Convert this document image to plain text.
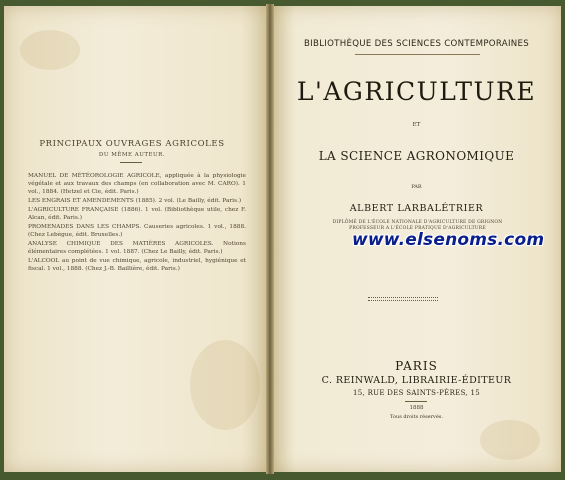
PRINCIPAUX OUVRAGES AGRICOLES
DU MÊME AUTEUR.
MANUEL DE MÉTÉOROLOGIE AGRICOLE, appliquée à la physiologie végétale et aux travaux des champs (en collaboration avec M. CARO). 1 vol., 1884. (Hetzel et Cie, édit. Paris.)
LES ENGRAIS ET AMENDEMENTS (1885). 2 vol. (Le Bailly, édit. Paris.)
L'AGRICULTURE FRANÇAISE (1886). 1 vol. (Bibliothèque utile, chez F. Alcan, édit. Paris.)
PROMENADES DANS LES CHAMPS. Causeries agricoles. 1 vol., 1888. (Chez Lebègue, édit. Bruxelles.)
ANALYSE CHIMIQUE DES MATIÈRES AGRICOLES. Notions élémentaires complétées. 1 vol. 1887. (Chez Le Bailly, édit. Paris.)
L'ALCOOL au point de vue chimique, agricole, industriel, hygiénique et fiscal. 1 vol., 1888. (Chez J.-B. Baillière, édit. Paris.)
BIBLIOTHÈQUE DES SCIENCES CONTEMPORAINES
L'AGRICULTURE
ET
LA SCIENCE AGRONOMIQUE
PAR
ALBERT LARBALÉTRIER
DIPLÔMÉ DE L'ÉCOLE NATIONALE D'AGRICULTURE DE GRIGNON
PROFESSEUR A L'ÉCOLE PRATIQUE D'AGRICULTURE
www.elsenoms.com
PARIS
C. REINWALD, LIBRAIRIE-ÉDITEUR
15, RUE DES SAINTS-PÈRES, 15
1888
Tous droits réservés.
